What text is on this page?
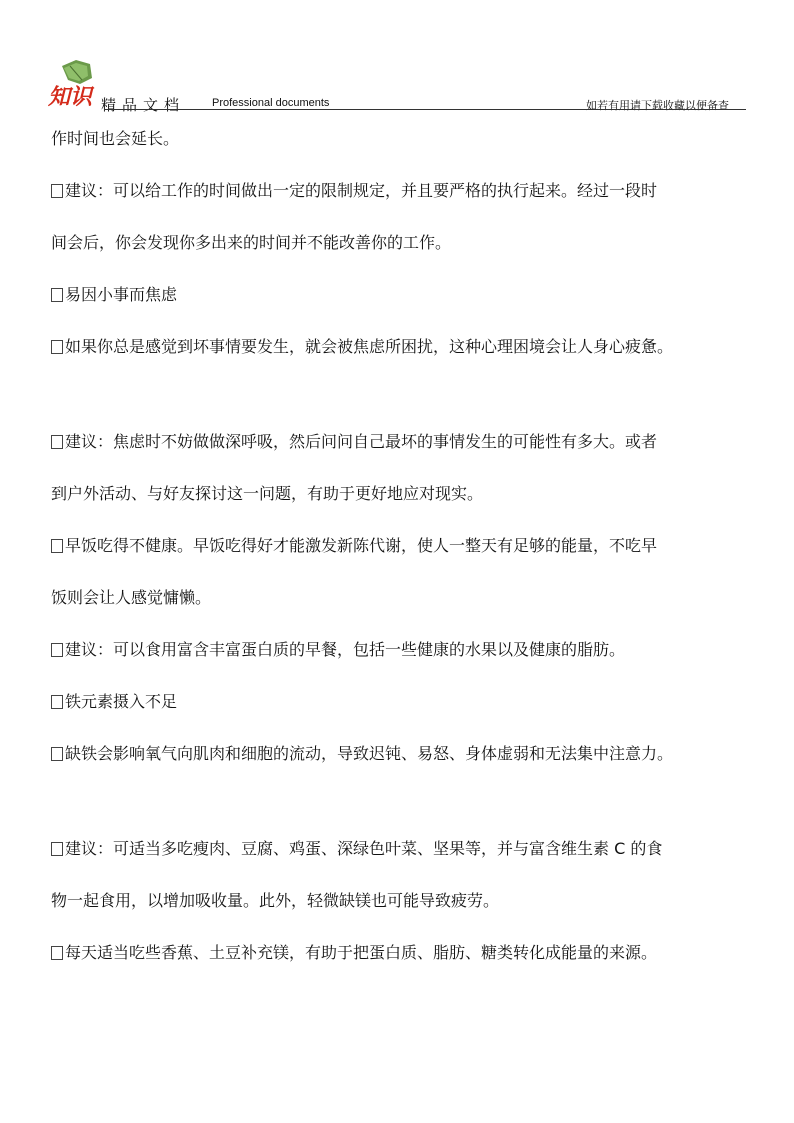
知识 精品文档 Professional documents	如若有用请下载收藏以便备查

作时间也会延长。

建议：可以给工作的时间做出一定的限制规定，并且要严格的执行起来。经过一段时

间会后，你会发现你多出来的时间并不能改善你的工作。

易因小事而焦虑

如果你总是感觉到坏事情要发生，就会被焦虑所困扰，这种心理困境会让人身心疲惫。

建议：焦虑时不妨做做深呼吸，然后问问自己最坏的事情发生的可能性有多大。或者

到户外活动、与好友探讨这一问题，有助于更好地应对现实。

早饭吃得不健康。早饭吃得好才能激发新陈代谢，使人一整天有足够的能量，不吃早

饭则会让人感觉慵懒。

建议：可以食用富含丰富蛋白质的早餐，包括一些健康的水果以及健康的脂肪。

铁元素摄入不足

缺铁会影响氧气向肌肉和细胞的流动，导致迟钝、易怒、身体虚弱和无法集中注意力。

建议：可适当多吃瘦肉、豆腐、鸡蛋、深绿色叶菜、坚果等，并与富含维生素 C 的食

物一起食用，以增加吸收量。此外，轻微缺镁也可能导致疲劳。

每天适当吃些香蕉、土豆补充镁，有助于把蛋白质、脂肪、糖类转化成能量的来源。
